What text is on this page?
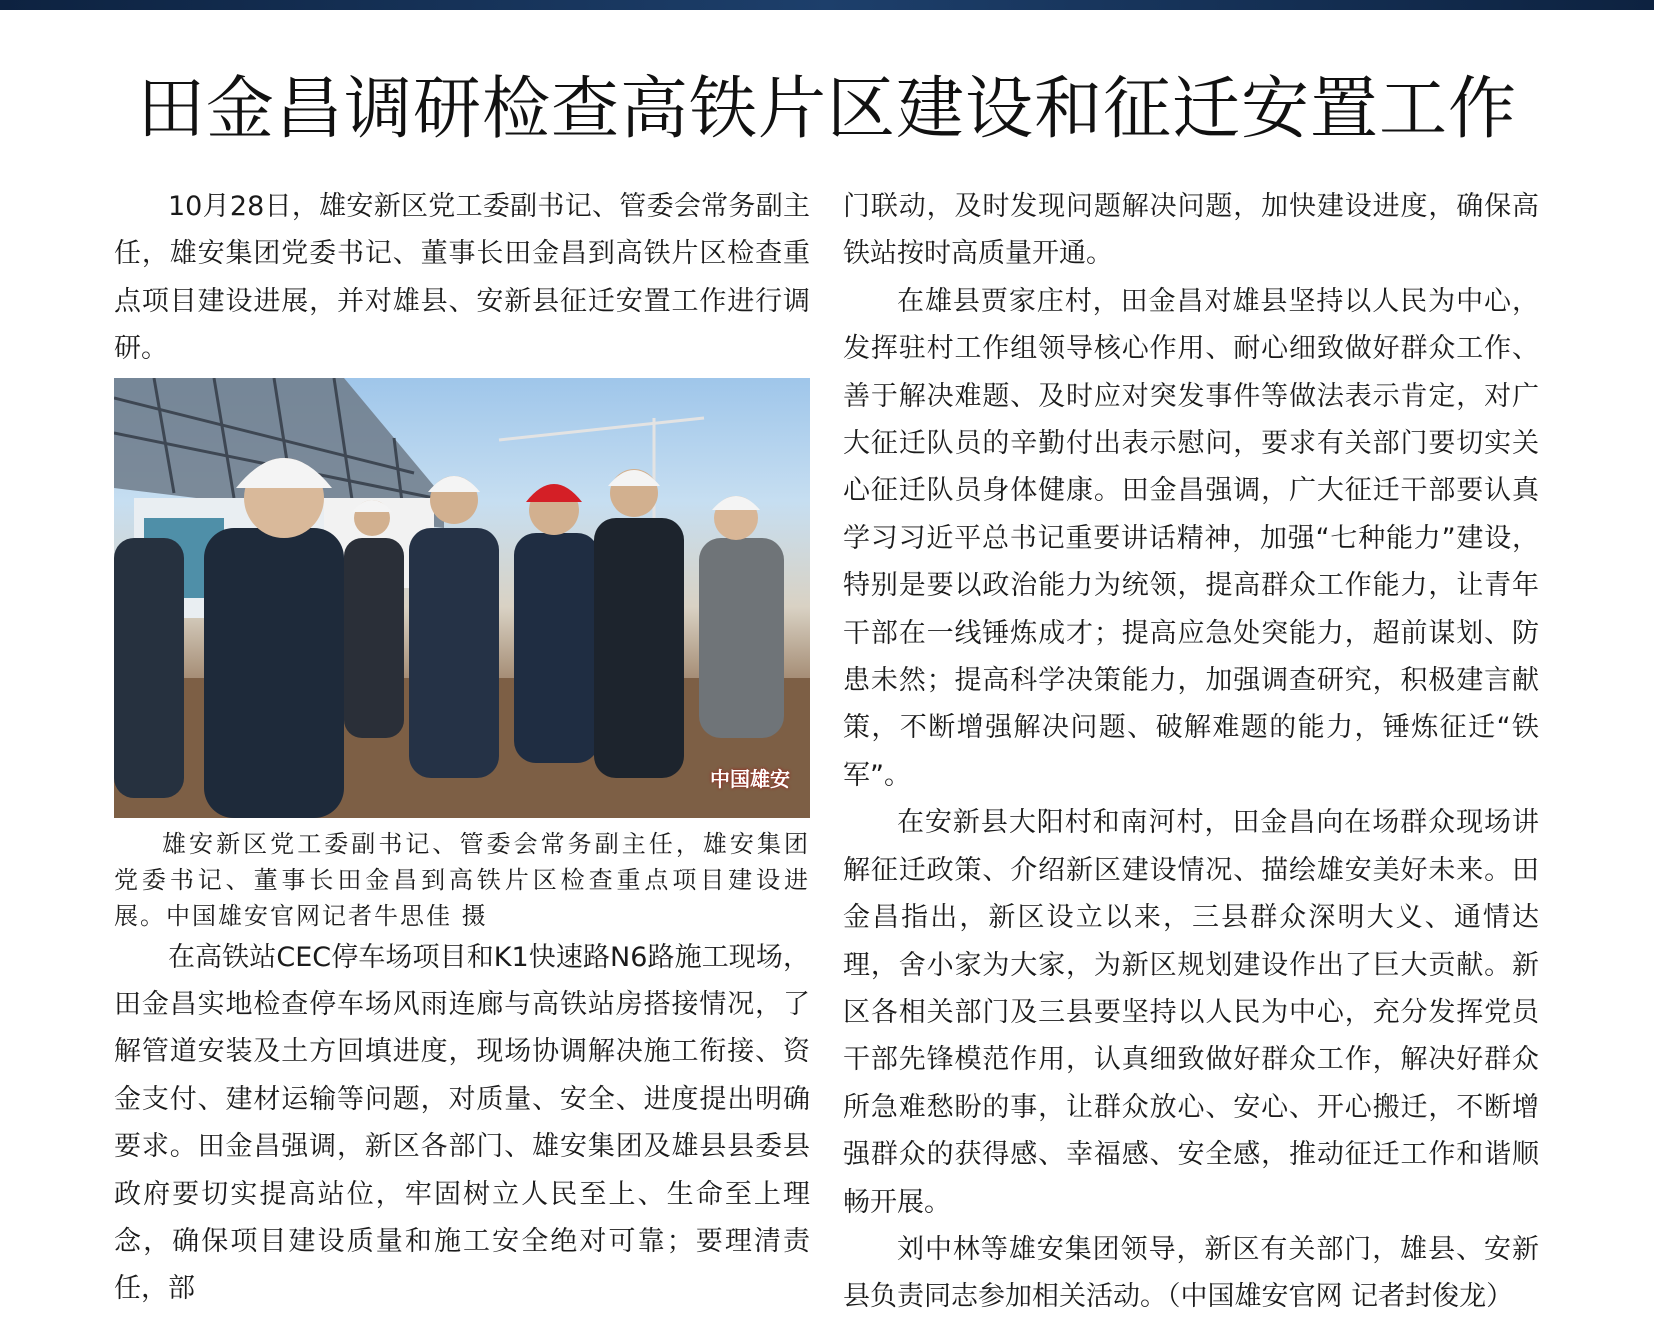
田金昌调研检查高铁片区建设和征迁安置工作

10月28日，雄安新区党工委副书记、管委会常务副主任，雄安集团党委书记、董事长田金昌到高铁片区检查重点项目建设进展，并对雄县、安新县征迁安置工作进行调研。

中国雄安

雄安新区党工委副书记、管委会常务副主任，雄安集团党委书记、董事长田金昌到高铁片区检查重点项目建设进展。中国雄安官网记者牛思佳 摄

在高铁站CEC停车场项目和K1快速路N6路施工现场，田金昌实地检查停车场风雨连廊与高铁站房搭接情况，了解管道安装及土方回填进度，现场协调解决施工衔接、资金支付、建材运输等问题，对质量、安全、进度提出明确要求。田金昌强调，新区各部门、雄安集团及雄县县委县政府要切实提高站位，牢固树立人民至上、生命至上理念，确保项目建设质量和施工安全绝对可靠；要理清责任，部

门联动，及时发现问题解决问题，加快建设进度，确保高铁站按时高质量开通。

在雄县贾家庄村，田金昌对雄县坚持以人民为中心，发挥驻村工作组领导核心作用、耐心细致做好群众工作、善于解决难题、及时应对突发事件等做法表示肯定，对广大征迁队员的辛勤付出表示慰问，要求有关部门要切实关心征迁队员身体健康。田金昌强调，广大征迁干部要认真学习习近平总书记重要讲话精神，加强“七种能力”建设，特别是要以政治能力为统领，提高群众工作能力，让青年干部在一线锤炼成才；提高应急处突能力，超前谋划、防患未然；提高科学决策能力，加强调查研究，积极建言献策，不断增强解决问题、破解难题的能力，锤炼征迁“铁军”。

在安新县大阳村和南河村，田金昌向在场群众现场讲解征迁政策、介绍新区建设情况、描绘雄安美好未来。田金昌指出，新区设立以来，三县群众深明大义、通情达理，舍小家为大家，为新区规划建设作出了巨大贡献。新区各相关部门及三县要坚持以人民为中心，充分发挥党员干部先锋模范作用，认真细致做好群众工作，解决好群众所急难愁盼的事，让群众放心、安心、开心搬迁，不断增强群众的获得感、幸福感、安全感，推动征迁工作和谐顺畅开展。

刘中林等雄安集团领导，新区有关部门，雄县、安新县负责同志参加相关活动。（中国雄安官网 记者封俊龙）
